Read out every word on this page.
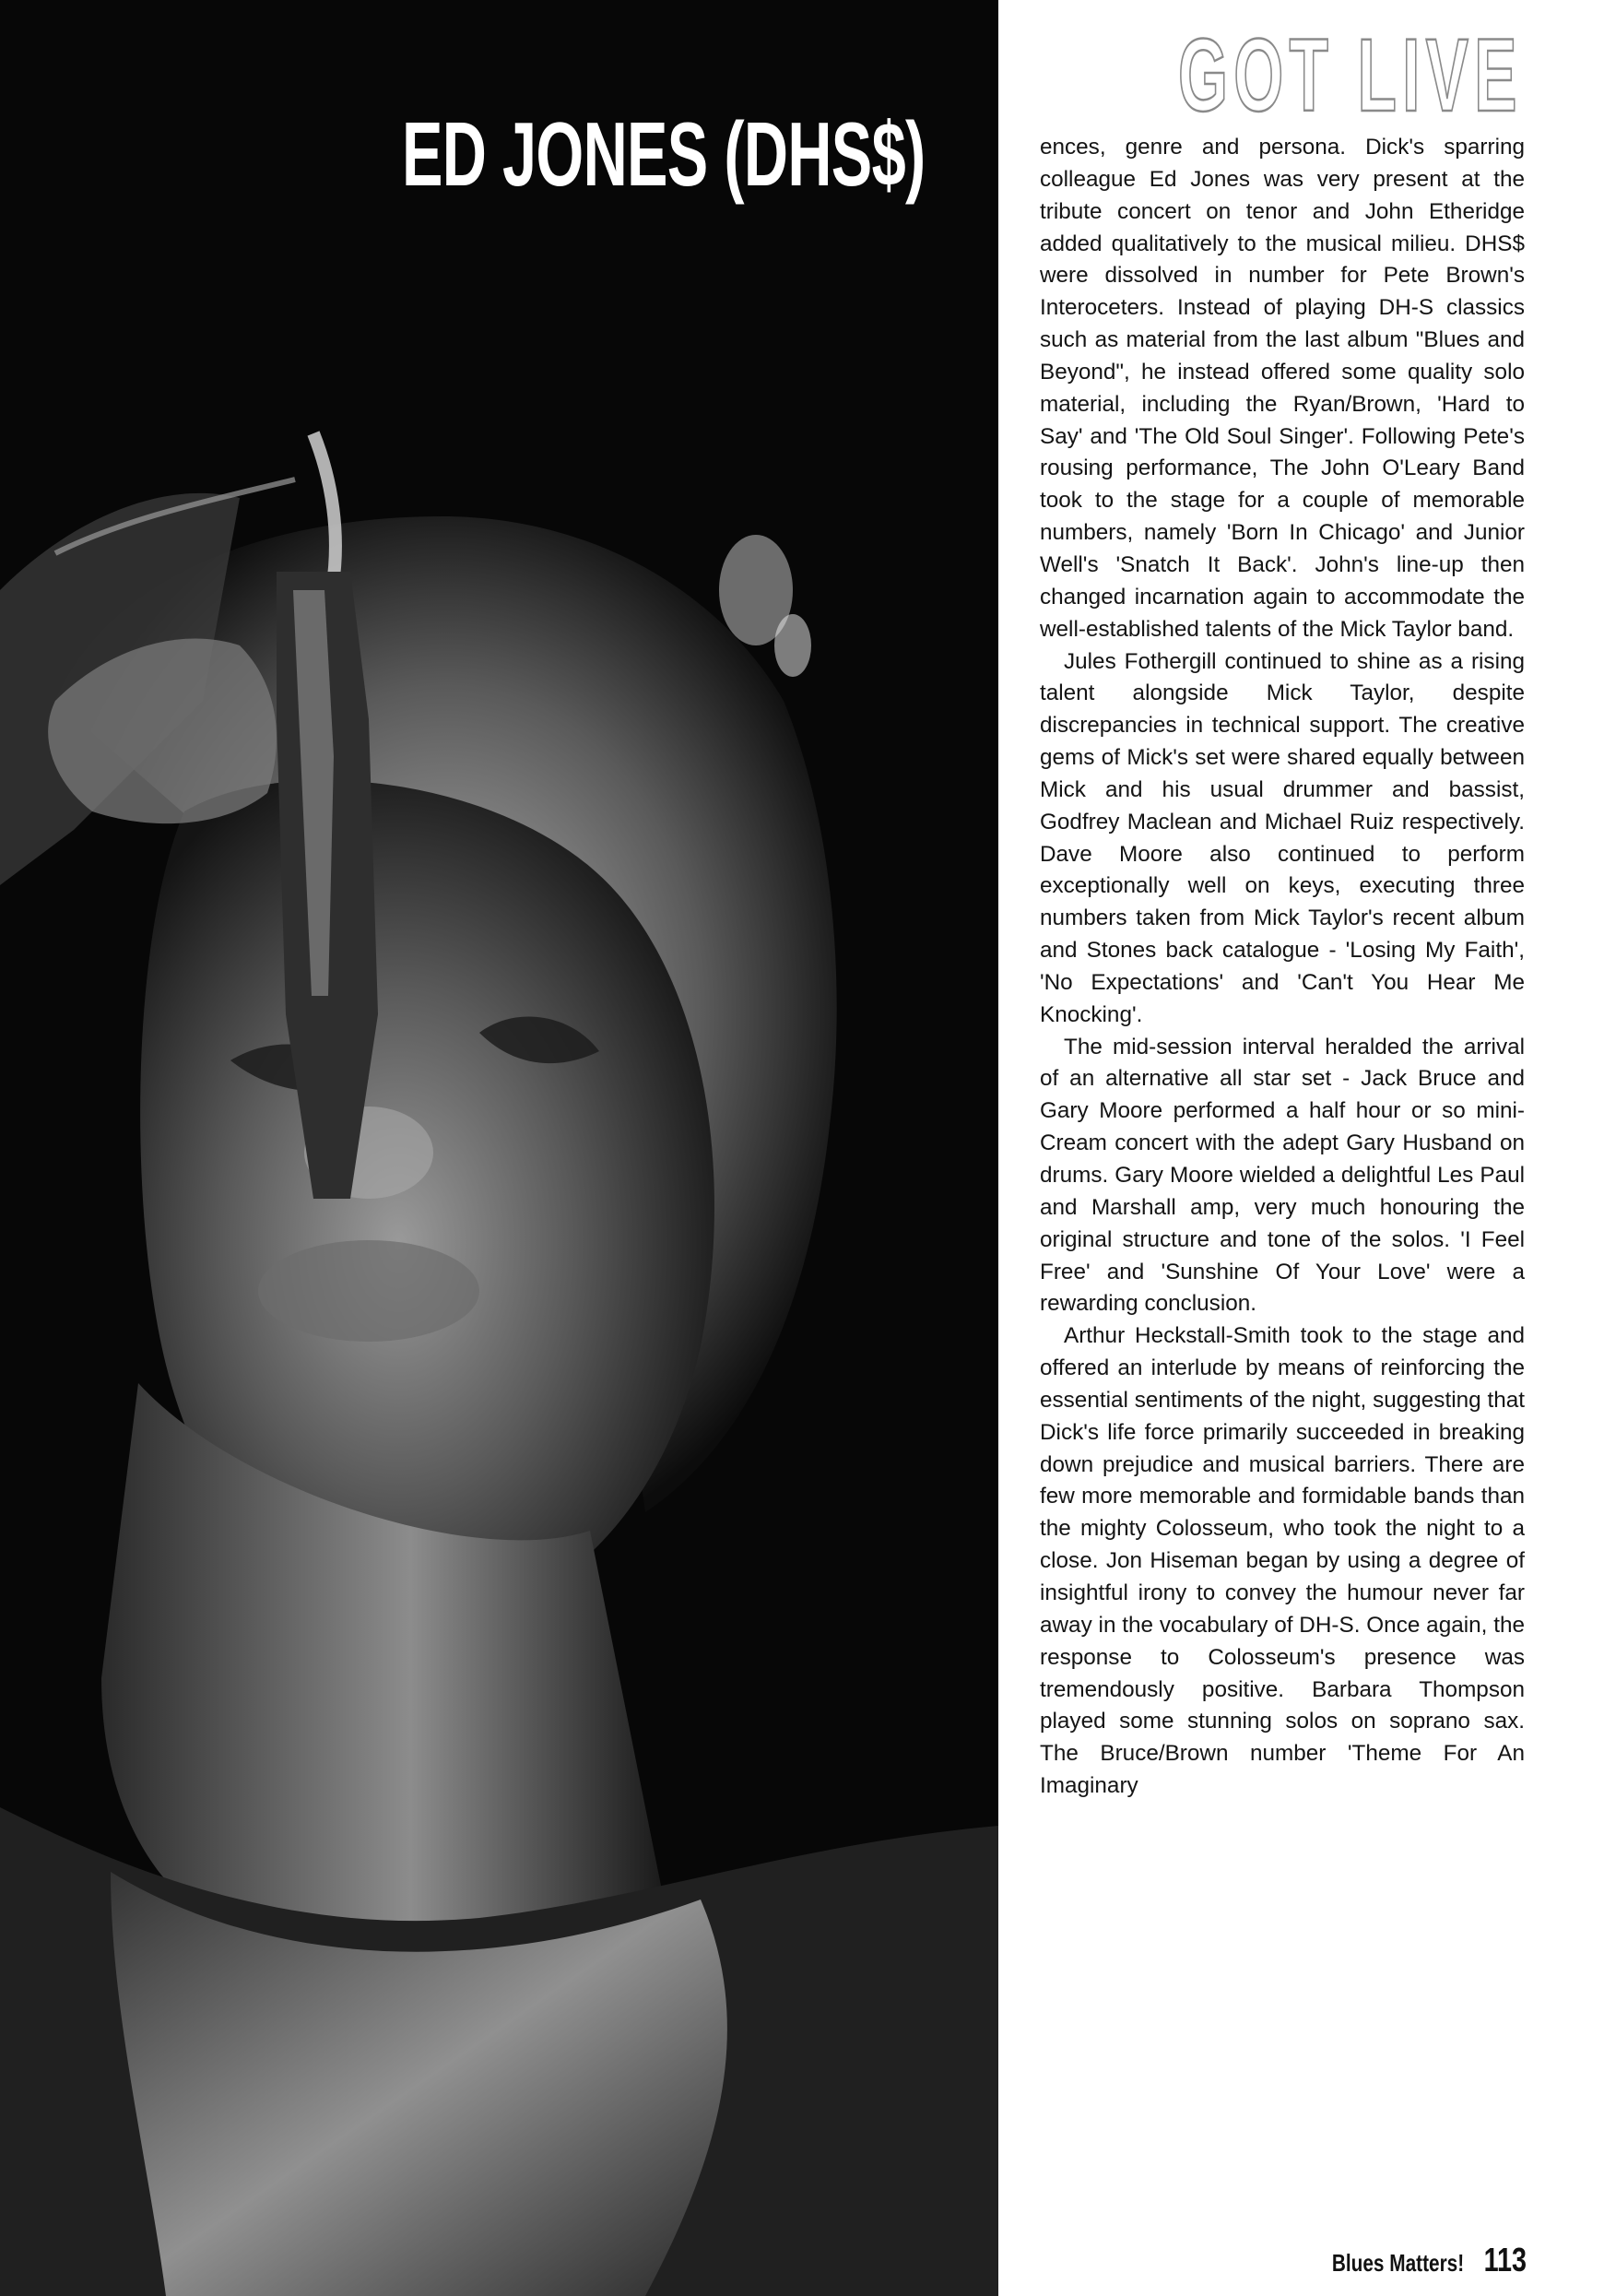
ED JONES (DHS$)
GOT LIVE

ences, genre and persona. Dick's sparring colleague Ed Jones was very present at the tribute concert on tenor and John Etheridge added qualitatively to the musical milieu. DHS$ were dissolved in number for Pete Brown's Interoceters. Instead of playing DH-S classics such as material from the last album "Blues and Beyond", he instead offered some quality solo material, including the Ryan/Brown, 'Hard to Say' and 'The Old Soul Singer'. Following Pete's rousing performance, The John O'Leary Band took to the stage for a couple of memorable numbers, namely 'Born In Chicago' and Junior Well's 'Snatch It Back'. John's line-up then changed incarnation again to accommodate the well-established talents of the Mick Taylor band.

Jules Fothergill continued to shine as a rising talent alongside Mick Taylor, despite discrepancies in technical support. The creative gems of Mick's set were shared equally between Mick and his usual drummer and bassist, Godfrey Maclean and Michael Ruiz respectively. Dave Moore also continued to perform exceptionally well on keys, executing three numbers taken from Mick Taylor's recent album and Stones back catalogue - 'Losing My Faith', 'No Expectations' and 'Can't You Hear Me Knocking'.

The mid-session interval heralded the arrival of an alternative all star set - Jack Bruce and Gary Moore performed a half hour or so mini-Cream concert with the adept Gary Husband on drums. Gary Moore wielded a delightful Les Paul and Marshall amp, very much honouring the original structure and tone of the solos. 'I Feel Free' and 'Sunshine Of Your Love' were a rewarding conclusion.

Arthur Heckstall-Smith took to the stage and offered an interlude by means of reinforcing the essential sentiments of the night, suggesting that Dick's life force primarily succeeded in breaking down prejudice and musical barriers. There are few more memorable and formidable bands than the mighty Colosseum, who took the night to a close. Jon Hiseman began by using a degree of insightful irony to convey the humour never far away in the vocabulary of DH-S. Once again, the response to Colosseum's presence was tremendously positive. Barbara Thompson played some stunning solos on soprano sax. The Bruce/Brown number 'Theme For An Imaginary

Blues Matters! 113
